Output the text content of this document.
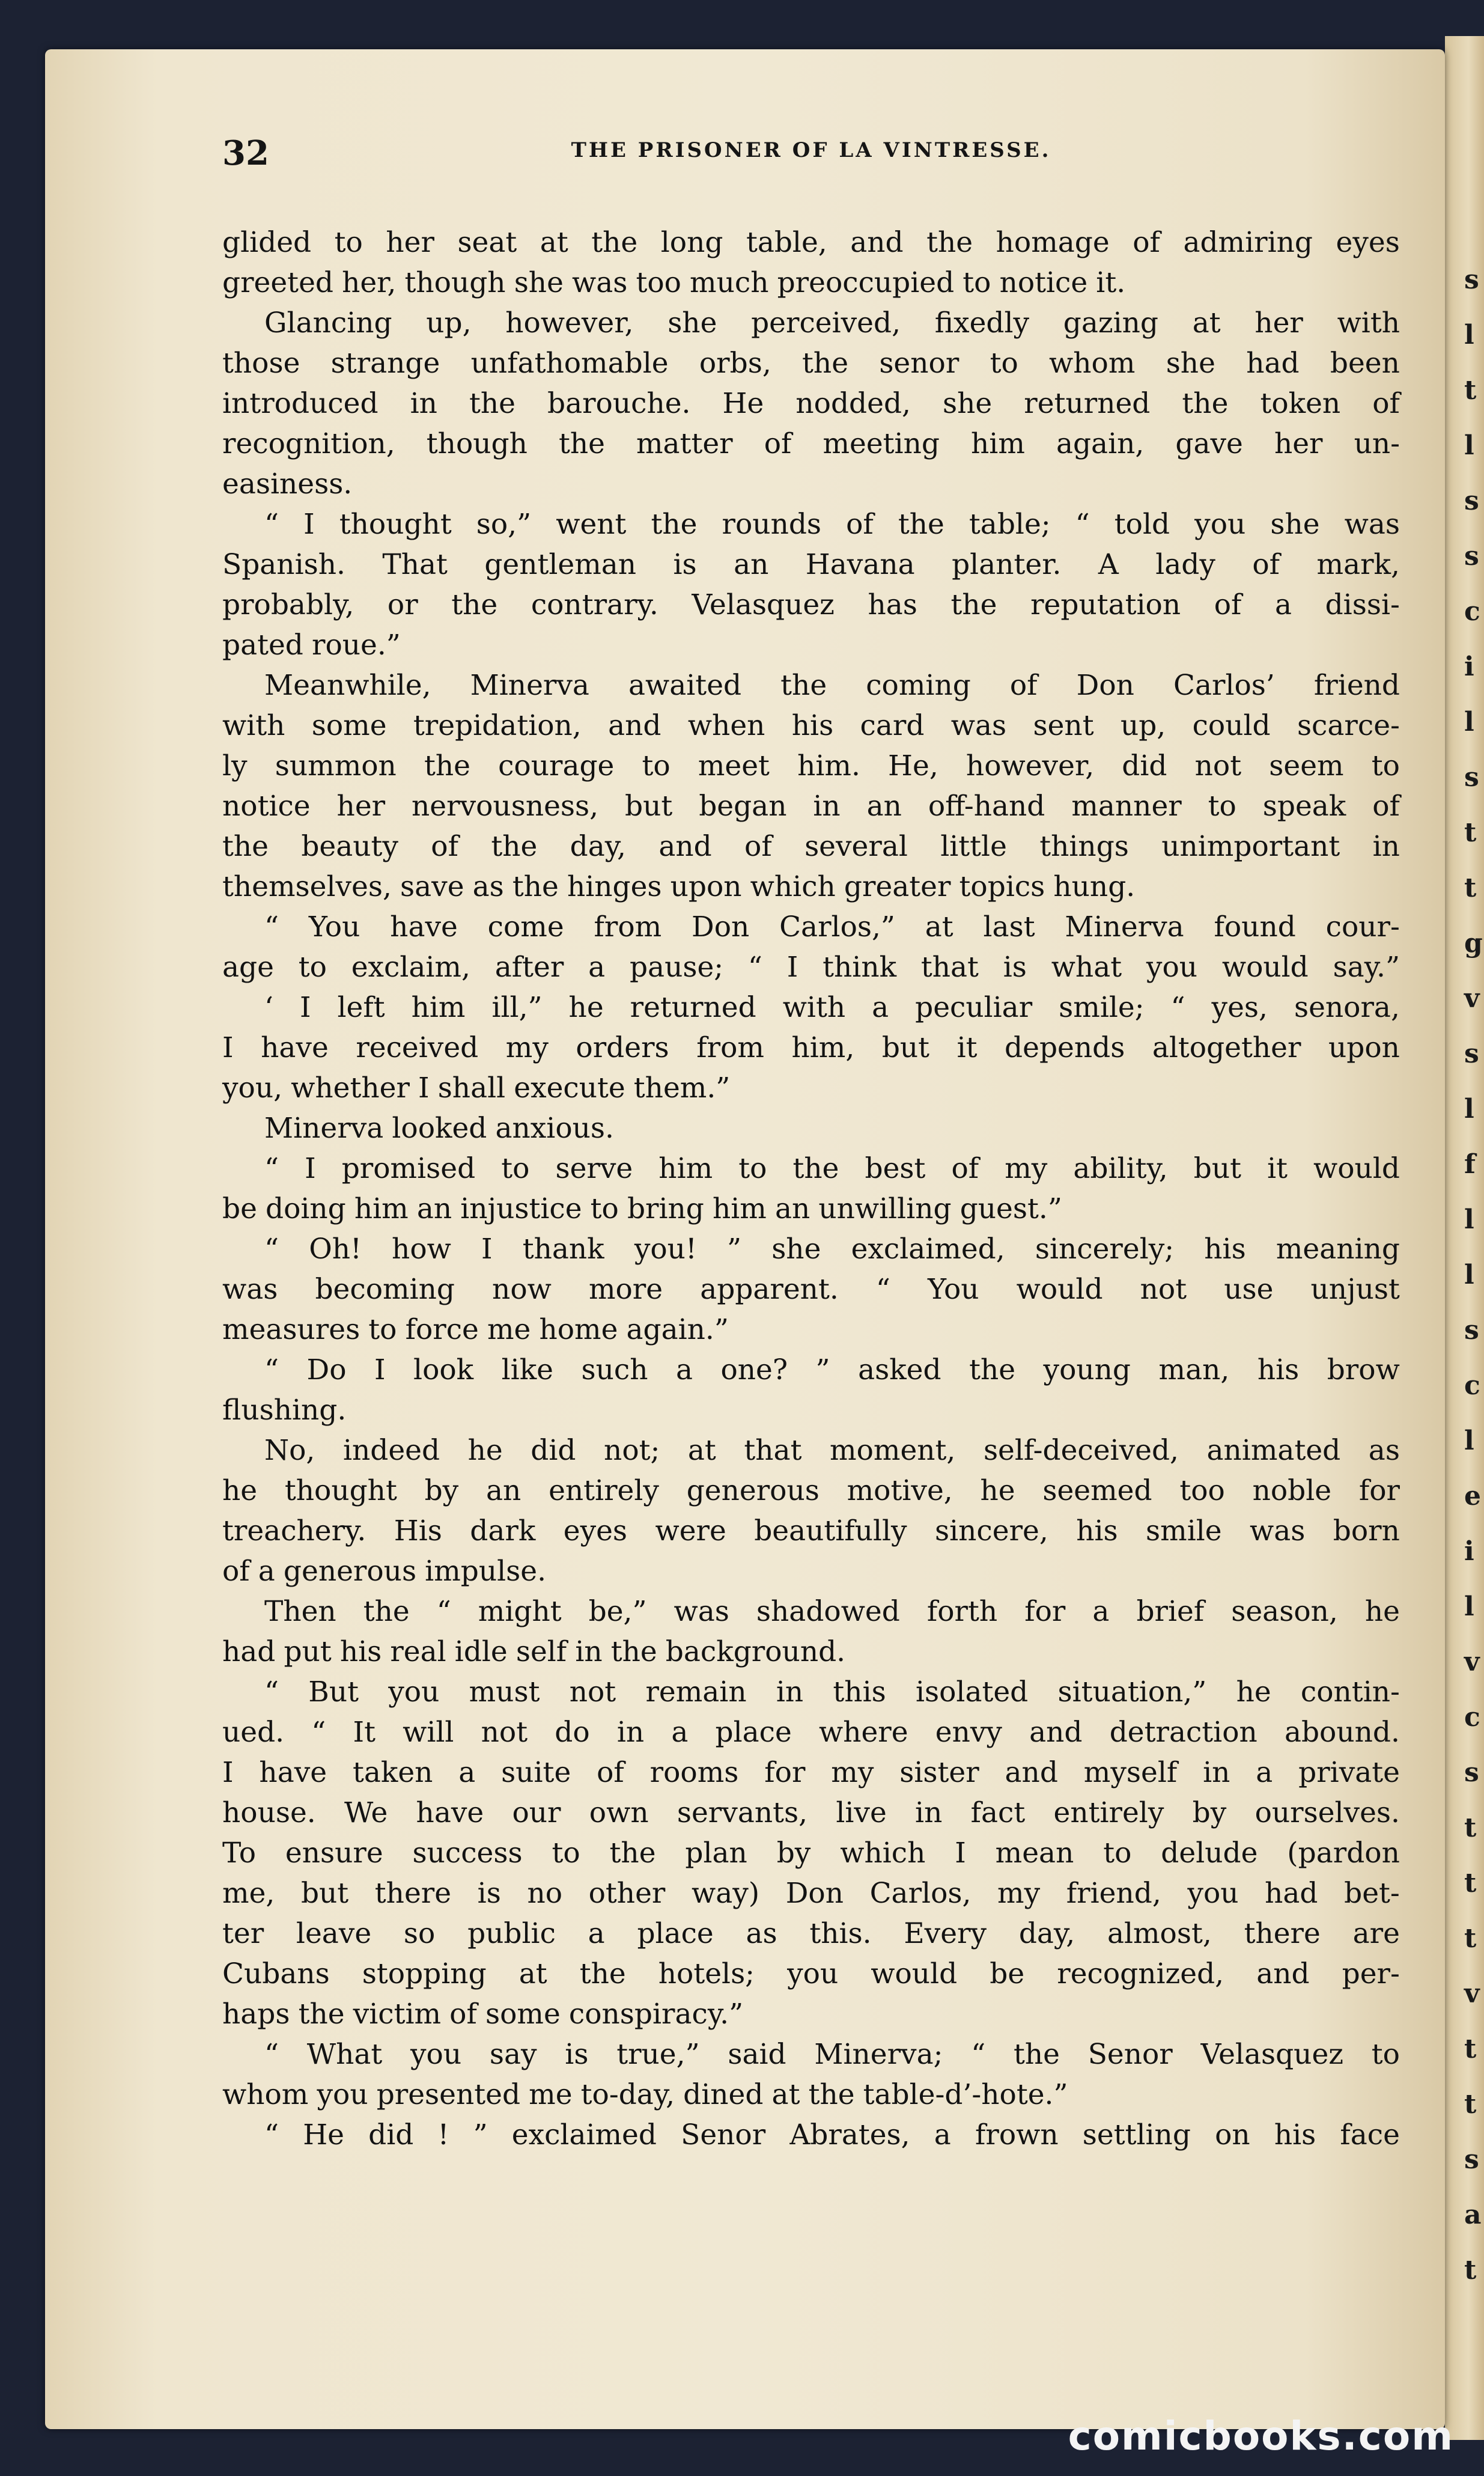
s
l
t
l
s
s
c
i
l
s
t
t
g
v
s
l
f
l
l
s
c
l
e
i
l
v
c
s
t
t
t
v
t
t
s
a
t
32	THE PRISONER OF LA VINTRESSE.
glided to her seat at the long table, and the homage of admiring eyes
greeted her, though she was too much preoccupied to notice it.
Glancing up, however, she perceived, fixedly gazing at her with
those strange unfathomable orbs, the senor to whom she had been
introduced in the barouche. He nodded, she returned the token of
recognition, though the matter of meeting him again, gave her un-
easiness.
“ I thought so,” went the rounds of the table; “ told you she was
Spanish. That gentleman is an Havana planter. A lady of mark,
probably, or the contrary. Velasquez has the reputation of a dissi-
pated roue.”
Meanwhile, Minerva awaited the coming of Don Carlos’ friend
with some trepidation, and when his card was sent up, could scarce-
ly summon the courage to meet him. He, however, did not seem to
notice her nervousness, but began in an off-hand manner to speak of
the beauty of the day, and of several little things unimportant in
themselves, save as the hinges upon which greater topics hung.
“ You have come from Don Carlos,” at last Minerva found cour-
age to exclaim, after a pause; “ I think that is what you would say.”
‘ I left him ill,” he returned with a peculiar smile; “ yes, senora,
I have received my orders from him, but it depends altogether upon
you, whether I shall execute them.”
Minerva looked anxious.
“ I promised to serve him to the best of my ability, but it would
be doing him an injustice to bring him an unwilling guest.”
“ Oh! how I thank you! ” she exclaimed, sincerely; his meaning
was becoming now more apparent. “ You would not use unjust
measures to force me home again.”
“ Do I look like such a one? ” asked the young man, his brow
flushing.
No, indeed he did not; at that moment, self-deceived, animated as
he thought by an entirely generous motive, he seemed too noble for
treachery. His dark eyes were beautifully sincere, his smile was born
of a generous impulse.
Then the “ might be,” was shadowed forth for a brief season, he
had put his real idle self in the background.
“ But you must not remain in this isolated situation,” he contin-
ued. “ It will not do in a place where envy and detraction abound.
I have taken a suite of rooms for my sister and myself in a private
house. We have our own servants, live in fact entirely by ourselves.
To ensure success to the plan by which I mean to delude (pardon
me, but there is no other way) Don Carlos, my friend, you had bet-
ter leave so public a place as this. Every day, almost, there are
Cubans stopping at the hotels; you would be recognized, and per-
haps the victim of some conspiracy.”
“ What you say is true,” said Minerva; “ the Senor Velasquez to
whom you presented me to-day, dined at the table-d’-hote.”
“ He did ! ” exclaimed Senor Abrates, a frown settling on his face
comicbooks.com
